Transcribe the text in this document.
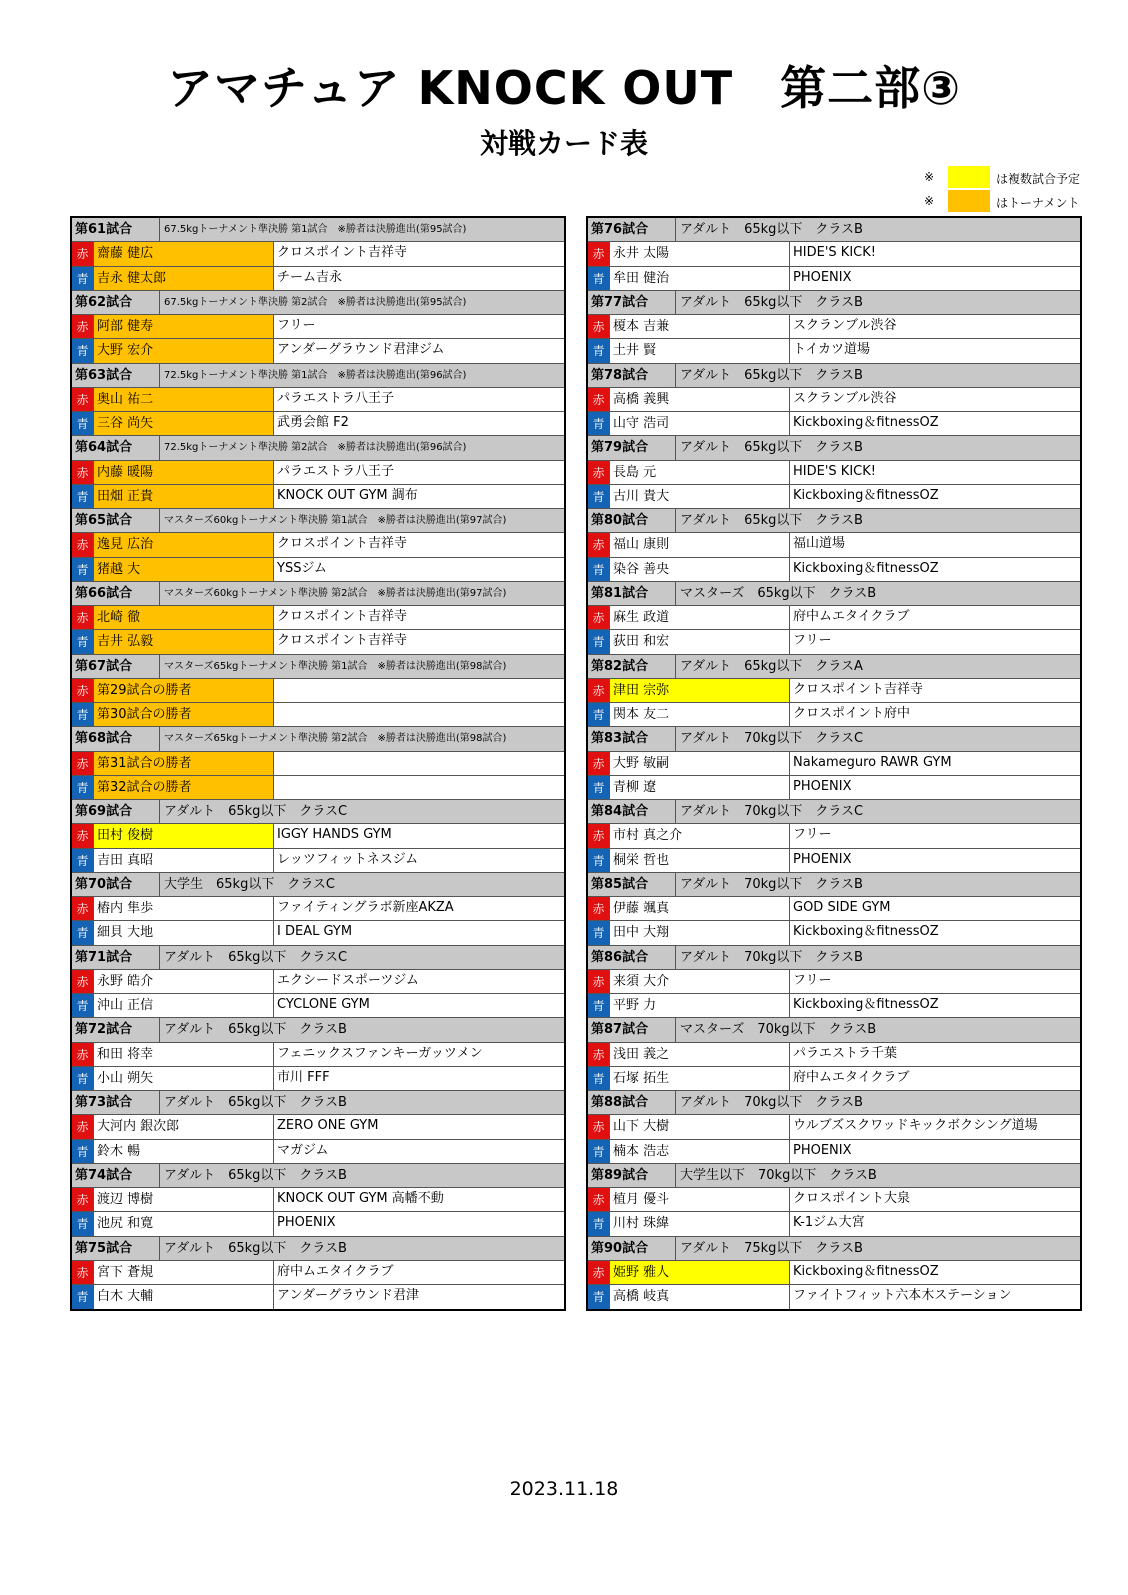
アマチュア KNOCK OUT　第二部③
対戦カード表
※	は複数試合予定
※	はトーナメント
第61試合	67.5kgトーナメント準決勝 第1試合　※勝者は決勝進出(第95試合)
赤 齋藤 健広	クロスポイント吉祥寺
青 吉永 健太郎	チーム吉永
第62試合	67.5kgトーナメント準決勝 第2試合　※勝者は決勝進出(第95試合)
赤 阿部 健寿	フリー
青 大野 宏介	アンダーグラウンド君津ジム
第63試合	72.5kgトーナメント準決勝 第1試合　※勝者は決勝進出(第96試合)
赤 奥山 祐二	パラエストラ八王子
青 三谷 尚矢	武勇会館 F2
第64試合	72.5kgトーナメント準決勝 第2試合　※勝者は決勝進出(第96試合)
赤 内藤 暖陽	パラエストラ八王子
青 田畑 正貴	KNOCK OUT GYM 調布
第65試合	マスターズ60kgトーナメント準決勝 第1試合　※勝者は決勝進出(第97試合)
赤 逸見 広治	クロスポイント吉祥寺
青 猪越 大	YSSジム
第66試合	マスターズ60kgトーナメント準決勝 第2試合　※勝者は決勝進出(第97試合)
赤 北崎 徹	クロスポイント吉祥寺
青 吉井 弘毅	クロスポイント吉祥寺
第67試合	マスターズ65kgトーナメント準決勝 第1試合　※勝者は決勝進出(第98試合)
赤 第29試合の勝者
青 第30試合の勝者
第68試合	マスターズ65kgトーナメント準決勝 第2試合　※勝者は決勝進出(第98試合)
赤 第31試合の勝者
青 第32試合の勝者
第69試合	アダルト　65kg以下　クラスC
赤 田村 俊樹	IGGY HANDS GYM
青 吉田 真昭	レッツフィットネスジム
第70試合	大学生　65kg以下　クラスC
赤 樁内 隼歩	ファイティングラボ新座AKZA
青 細貝 大地	I DEAL GYM
第71試合	アダルト　65kg以下　クラスC
赤 永野 皓介	エクシードスポーツジム
青 沖山 正信	CYCLONE GYM
第72試合	アダルト　65kg以下　クラスB
赤 和田 将幸	フェニックスファンキーガッツメン
青 小山 朔矢	市川 FFF
第73試合	アダルト　65kg以下　クラスB
赤 大河内 銀次郎	ZERO ONE GYM
青 鈴木 暢	マガジム
第74試合	アダルト　65kg以下　クラスB
赤 渡辺 博樹	KNOCK OUT GYM 高幡不動
青 池尻 和寛	PHOENIX
第75試合	アダルト　65kg以下　クラスB
赤 宮下 蒼規	府中ムエタイクラブ
青 白木 大輔	アンダーグラウンド君津
第76試合	アダルト　65kg以下　クラスB
赤 永井 太陽	HIDE'S KICK!
青 牟田 健治	PHOENIX
第77試合	アダルト　65kg以下　クラスB
赤 榎本 吉兼	スクランブル渋谷
青 土井 賢	トイカツ道場
第78試合	アダルト　65kg以下　クラスB
赤 高橋 義興	スクランブル渋谷
青 山守 浩司	Kickboxing＆fitnessOZ
第79試合	アダルト　65kg以下　クラスB
赤 長島 元	HIDE'S KICK!
青 古川 貴大	Kickboxing＆fitnessOZ
第80試合	アダルト　65kg以下　クラスB
赤 福山 康則	福山道場
青 染谷 善央	Kickboxing＆fitnessOZ
第81試合	マスターズ　65kg以下　クラスB
赤 麻生 政道	府中ムエタイクラブ
青 荻田 和宏	フリー
第82試合	アダルト　65kg以下　クラスA
赤 津田 宗弥	クロスポイント吉祥寺
青 関本 友二	クロスポイント府中
第83試合	アダルト　70kg以下　クラスC
赤 大野 敏嗣	Nakameguro RAWR GYM
青 青柳 遼	PHOENIX
第84試合	アダルト　70kg以下　クラスC
赤 市村 真之介	フリー
青 桐栄 哲也	PHOENIX
第85試合	アダルト　70kg以下　クラスB
赤 伊藤 颯真	GOD SIDE GYM
青 田中 大翔	Kickboxing＆fitnessOZ
第86試合	アダルト　70kg以下　クラスB
赤 来須 大介	フリー
青 平野 力	Kickboxing＆fitnessOZ
第87試合	マスターズ　70kg以下　クラスB
赤 浅田 義之	パラエストラ千葉
青 石塚 拓生	府中ムエタイクラブ
第88試合	アダルト　70kg以下　クラスB
赤 山下 大樹	ウルブズスクワッドキックボクシング道場
青 楠本 浩志	PHOENIX
第89試合	大学生以下　70kg以下　クラスB
赤 植月 優斗	クロスポイント大泉
青 川村 珠緯	K-1ジム大宮
第90試合	アダルト　75kg以下　クラスB
赤 姫野 雅人	Kickboxing＆fitnessOZ
青 高橋 岐真	ファイトフィット六本木ステーション
2023.11.18
